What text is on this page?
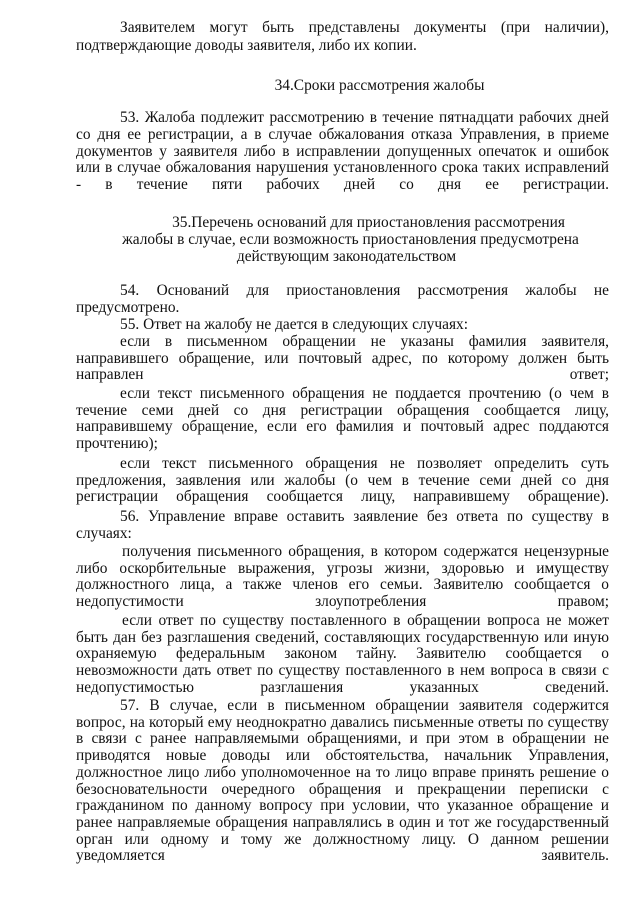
Заявителем могут быть представлены документы (при наличии),

подтверждающие доводы заявителя, либо их копии.

34.Сроки рассмотрения жалобы

53. Жалоба подлежит рассмотрению в течение пятнадцати рабочих дней

со дня ее регистрации, а в случае обжалования отказа Управления, в приеме документов у заявителя либо в исправлении допущенных опечаток и ошибок или в случае обжалования нарушения установленного срока таких исправлений - в течение пяти рабочих дней со дня ее регистрации.

35.Перечень оснований для приостановления рассмотрения

жалобы в случае, если возможность приостановления предусмотрена

действующим законодательством

54. Оснований для приостановления рассмотрения жалобы не

предусмотрено.

55. Ответ на жалобу не дается в следующих случаях:

если в письменном обращении не указаны фамилия заявителя, направившего обращение, или почтовый адрес, по которому должен быть направлен ответ;

если текст письменного обращения не поддается прочтению (о чем в течение семи дней со дня регистрации обращения сообщается лицу, направившему обращение, если его фамилия и почтовый адрес поддаются прочтению);

если текст письменного обращения не позволяет определить суть предложения, заявления или жалобы (о чем в течение семи дней со дня регистрации обращения сообщается лицу, направившему обращение).

56. Управление вправе оставить заявление без ответа по существу в случаях:

получения письменного обращения, в котором содержатся нецензурные либо оскорбительные выражения, угрозы жизни, здоровью и имуществу должностного лица, а также членов его семьи. Заявителю сообщается о недопустимости злоупотребления правом;

если ответ по существу поставленного в обращении вопроса не может быть дан без разглашения сведений, составляющих государственную или иную охраняемую федеральным законом тайну. Заявителю сообщается о невозможности дать ответ по существу поставленного в нем вопроса в связи с недопустимостью разглашения указанных сведений.

57. В случае, если в письменном обращении заявителя содержится вопрос, на который ему неоднократно давались письменные ответы по существу в связи с ранее направляемыми обращениями, и при этом в обращении не приводятся новые доводы или обстоятельства, начальник Управления, должностное лицо либо уполномоченное на то лицо вправе принять решение о безосновательности очередного обращения и прекращении переписки с гражданином по данному вопросу при условии, что указанное обращение и ранее направляемые обращения направлялись в один и тот же государственный орган или одному и тому же должностному лицу. О данном решении уведомляется заявитель.
